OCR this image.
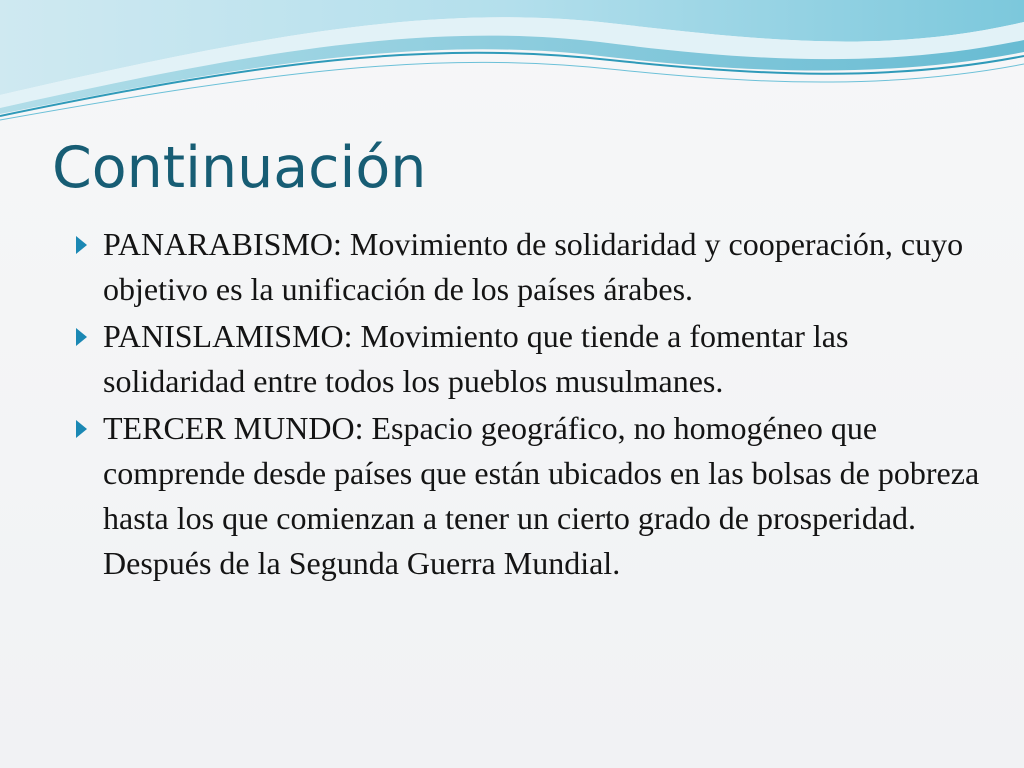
Continuación
PANARABISMO: Movimiento de solidaridad y cooperación, cuyo objetivo es la unificación de los países árabes.
PANISLAMISMO: Movimiento que tiende a fomentar las solidaridad entre todos los pueblos musulmanes.
TERCER MUNDO: Espacio geográfico, no homogéneo que comprende desde países que están ubicados en las bolsas de pobreza hasta los que comienzan a tener un cierto grado de prosperidad. Después de la Segunda Guerra Mundial.
